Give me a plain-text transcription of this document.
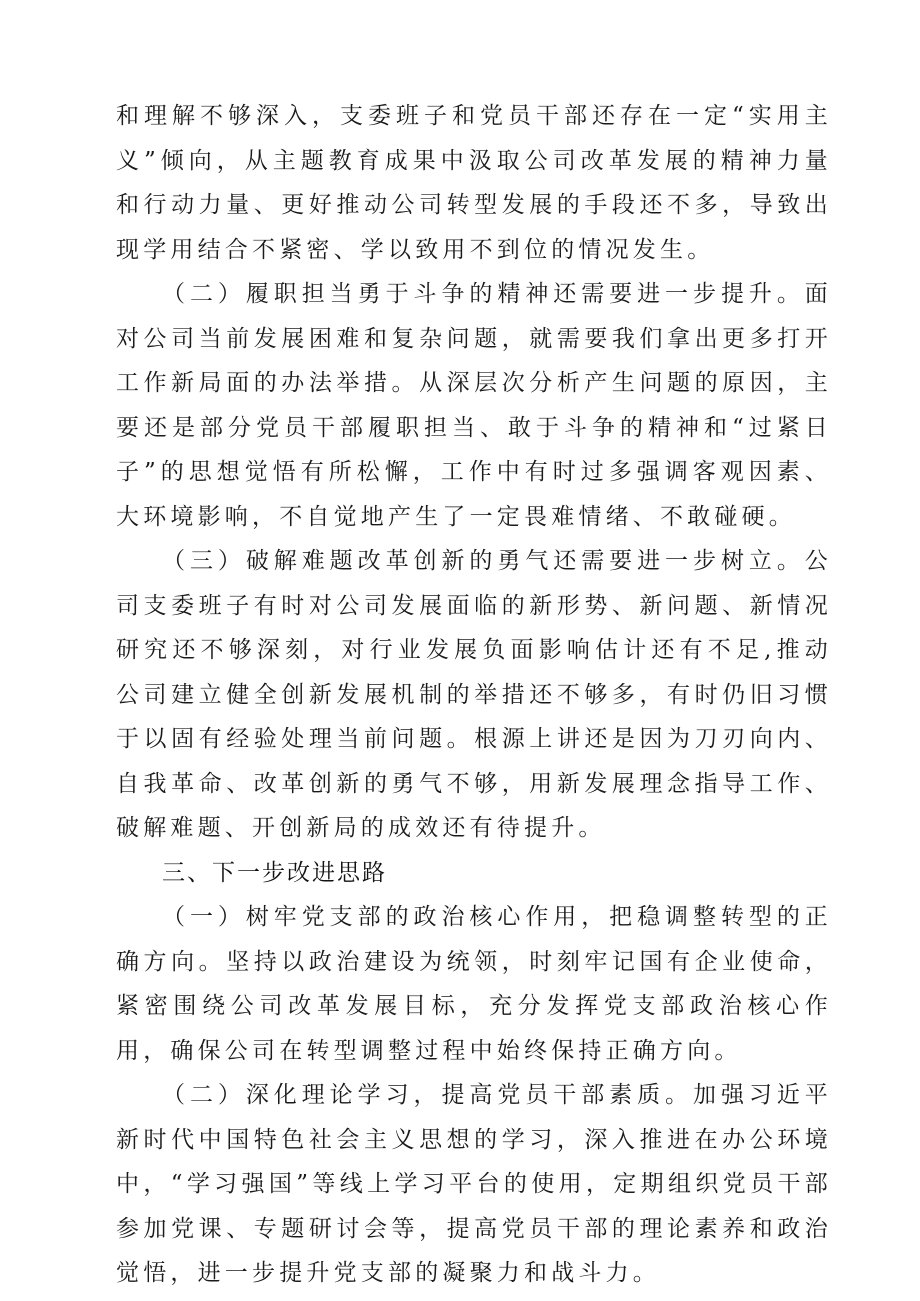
和理解不够深入，支委班子和党员干部还存在一定“实用主义”倾向，从主题教育成果中汲取公司改革发展的精神力量和行动力量、更好推动公司转型发展的手段还不多，导致出现学用结合不紧密、学以致用不到位的情况发生。

（二）履职担当勇于斗争的精神还需要进一步提升。面对公司当前发展困难和复杂问题，就需要我们拿出更多打开工作新局面的办法举措。从深层次分析产生问题的原因，主要还是部分党员干部履职担当、敢于斗争的精神和“过紧日子”的思想觉悟有所松懈，工作中有时过多强调客观因素、大环境影响，不自觉地产生了一定畏难情绪、不敢碰硬。

（三）破解难题改革创新的勇气还需要进一步树立。公司支委班子有时对公司发展面临的新形势、新问题、新情况研究还不够深刻，对行业发展负面影响估计还有不足,推动公司建立健全创新发展机制的举措还不够多，有时仍旧习惯于以固有经验处理当前问题。根源上讲还是因为刀刃向内、自我革命、改革创新的勇气不够，用新发展理念指导工作、破解难题、开创新局的成效还有待提升。

三、下一步改进思路

（一）树牢党支部的政治核心作用，把稳调整转型的正确方向。坚持以政治建设为统领，时刻牢记国有企业使命，紧密围绕公司改革发展目标，充分发挥党支部政治核心作用，确保公司在转型调整过程中始终保持正确方向。

（二）深化理论学习，提高党员干部素质。加强习近平新时代中国特色社会主义思想的学习，深入推进在办公环境中，“学习强国”等线上学习平台的使用，定期组织党员干部参加党课、专题研讨会等，提高党员干部的理论素养和政治觉悟，进一步提升党支部的凝聚力和战斗力。
